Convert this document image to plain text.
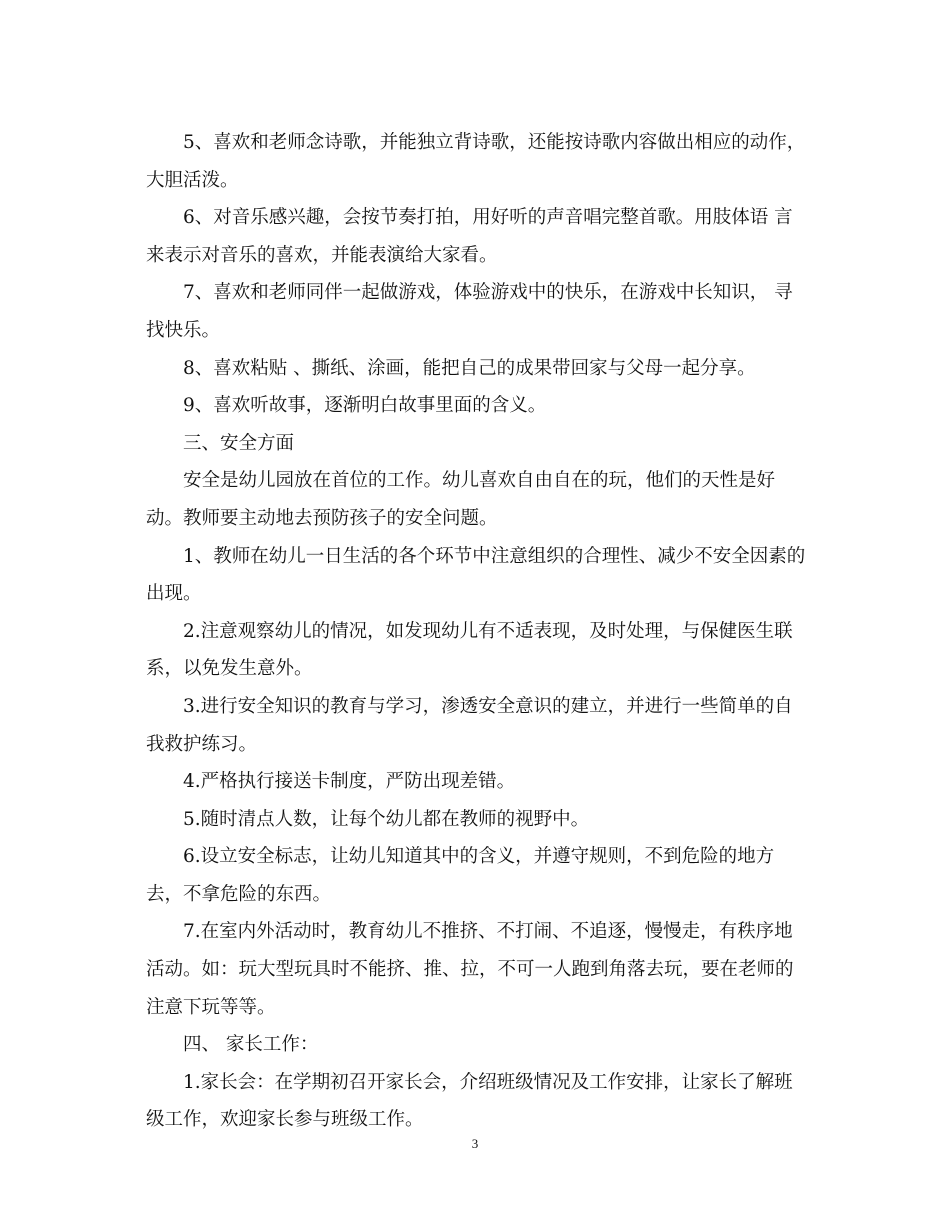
5、喜欢和老师念诗歌，并能独立背诗歌，还能按诗歌内容做出相应的动作，大胆活泼。

6、对音乐感兴趣，会按节奏打拍，用好听的声音唱完整首歌。用肢体语 言来表示对音乐的喜欢，并能表演给大家看。

7、喜欢和老师同伴一起做游戏，体验游戏中的快乐，在游戏中长知识， 寻找快乐。

8、喜欢粘贴 、撕纸、涂画，能把自己的成果带回家与父母一起分享。

9、喜欢听故事，逐渐明白故事里面的含义。

三、安全方面

安全是幼儿园放在首位的工作。幼儿喜欢自由自在的玩，他们的天性是好动。教师要主动地去预防孩子的安全问题。

1、教师在幼儿一日生活的各个环节中注意组织的合理性、减少不安全因素的出现。

2.注意观察幼儿的情况，如发现幼儿有不适表现，及时处理，与保健医生联系，以免发生意外。

3.进行安全知识的教育与学习，渗透安全意识的建立，并进行一些简单的自我救护练习。

4.严格执行接送卡制度，严防出现差错。

5.随时清点人数，让每个幼儿都在教师的视野中。

6.设立安全标志，让幼儿知道其中的含义，并遵守规则，不到危险的地方去，不拿危险的东西。

7.在室内外活动时，教育幼儿不推挤、不打闹、不追逐，慢慢走，有秩序地活动。如：玩大型玩具时不能挤、推、拉，不可一人跑到角落去玩，要在老师的注意下玩等等。

四、 家长工作：

1.家长会：在学期初召开家长会，介绍班级情况及工作安排，让家长了解班级工作，欢迎家长参与班级工作。

3
